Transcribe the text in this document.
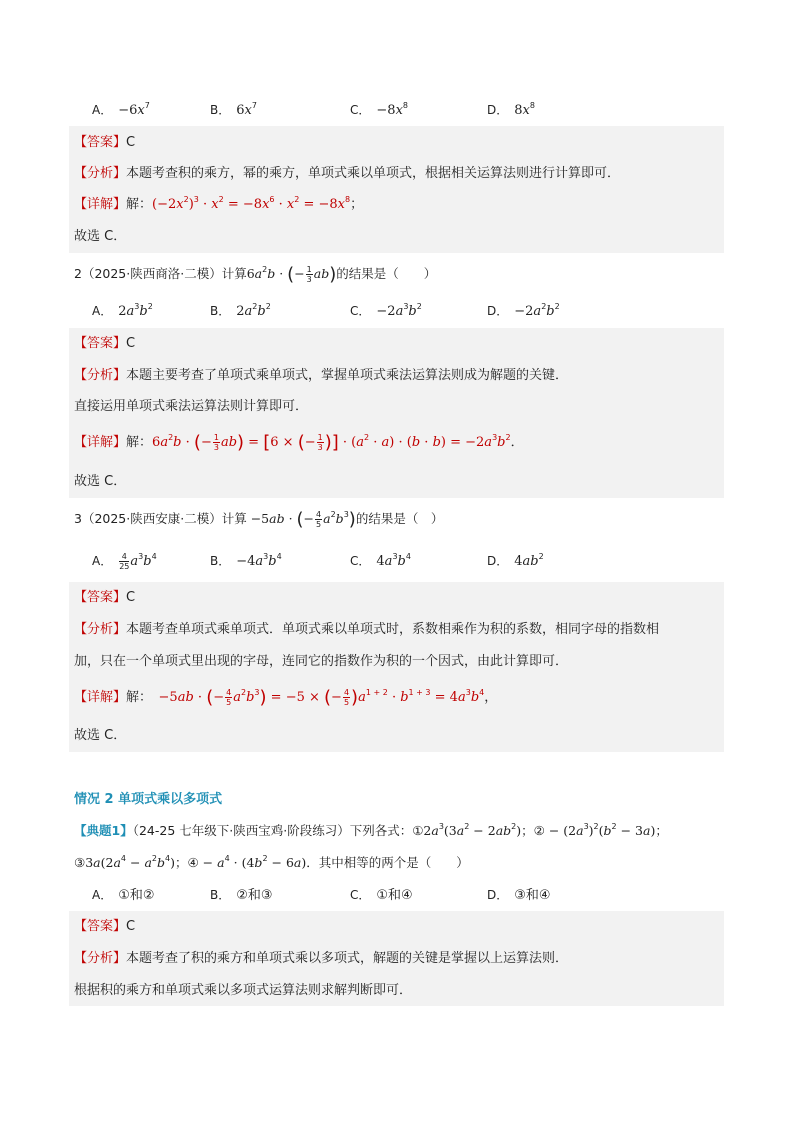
A． $-6x^7$	B． $6x^7$	C． $-8x^8$	D． $8x^8$
【答案】C
【分析】本题考查积的乘方，幂的乘方，单项式乘以单项式，根据相关运算法则进行计算即可．
【详解】解：$(-2x^2)^3 \cdot x^2 = -8x^6 \cdot x^2 = -8x^8$；
故选 C．
2（2025·陕西商洛·二模）计算$6a^2b$ · (− $\frac{1}{3} ab$)的结果是（　　）
A． $2a^3b^2$	B． $2a^2b^2$	C． $-2a^3b^2$	D． $-2a^2b^2$
【答案】C
【分析】本题主要考查了单项式乘单项式，掌握单项式乘法运算法则成为解题的关键．
直接运用单项式乘法运算法则计算即可．
【详解】解：$6a^2b$ · (− $\frac{1}{3} ab) = [6$ × (− $\frac{1}{3}$ )] · $(a^2 \cdot a) \cdot (b \cdot b) = -2a^3b^2$．
故选 C．
3（2025·陕西安康·二模）计算 −5ab · (− $\frac{4}{5} a^2b^3$)的结果是（　）
A． $\frac{4}{25} a^3b^4$	B． $-4a^3b^4$	C． $4a^3b^4$	D． $4ab^2$
【答案】C
【分析】本题考查单项式乘单项式．单项式乘以单项式时，系数相乘作为积的系数，相同字母的指数相
加，只在一个单项式里出现的字母，连同它的指数作为积的一个因式，由此计算即可．
【详解】解：　−5ab · (− $\frac{4}{5} a^2b^3) = -5$ × (− $\frac{4}{5} )a^{1 + 2} \cdot b^{1 + 3} = 4a^3b^4$，
故选 C．
情况 2 单项式乘以多项式
【典题1】（24-25 七年级下·陕西宝鸡·阶段练习）下列各式：$①2a^3(3a^2 - 2ab^2)$；② − $(2a^3)^2(b^2 - 3a)$；
$③3a(2a^4 - a^2b^4)$；④ − $a^4 \cdot (4b^2 - 6a)$．其中相等的两个是（　　）
A． ①和②	B． ②和③	C． ①和④	D． ③和④
【答案】C
【分析】本题考查了积的乘方和单项式乘以多项式，解题的关键是掌握以上运算法则．
根据积的乘方和单项式乘以多项式运算法则求解判断即可．
